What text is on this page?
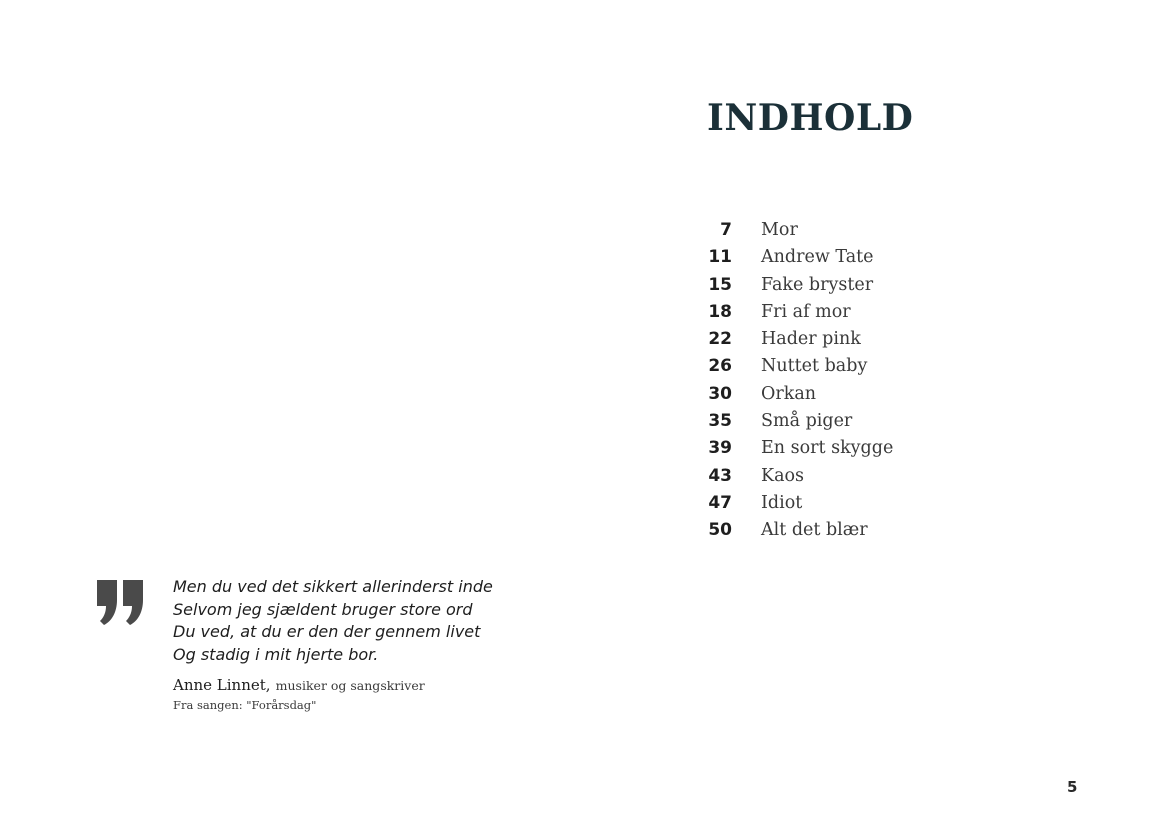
INDHOLD
7 Mor
11 Andrew Tate
15 Fake bryster
18 Fri af mor
22 Hader pink
26 Nuttet baby
30 Orkan
35 Små piger
39 En sort skygge
43 Kaos
47 Idiot
50 Alt det blær

Men du ved det sikkert allerinderst inde
Selvom jeg sjældent bruger store ord
Du ved, at du er den der gennem livet
Og stadig i mit hjerte bor.

Anne Linnet, musiker og sangskriver
Fra sangen: "Forårsdag"
5
